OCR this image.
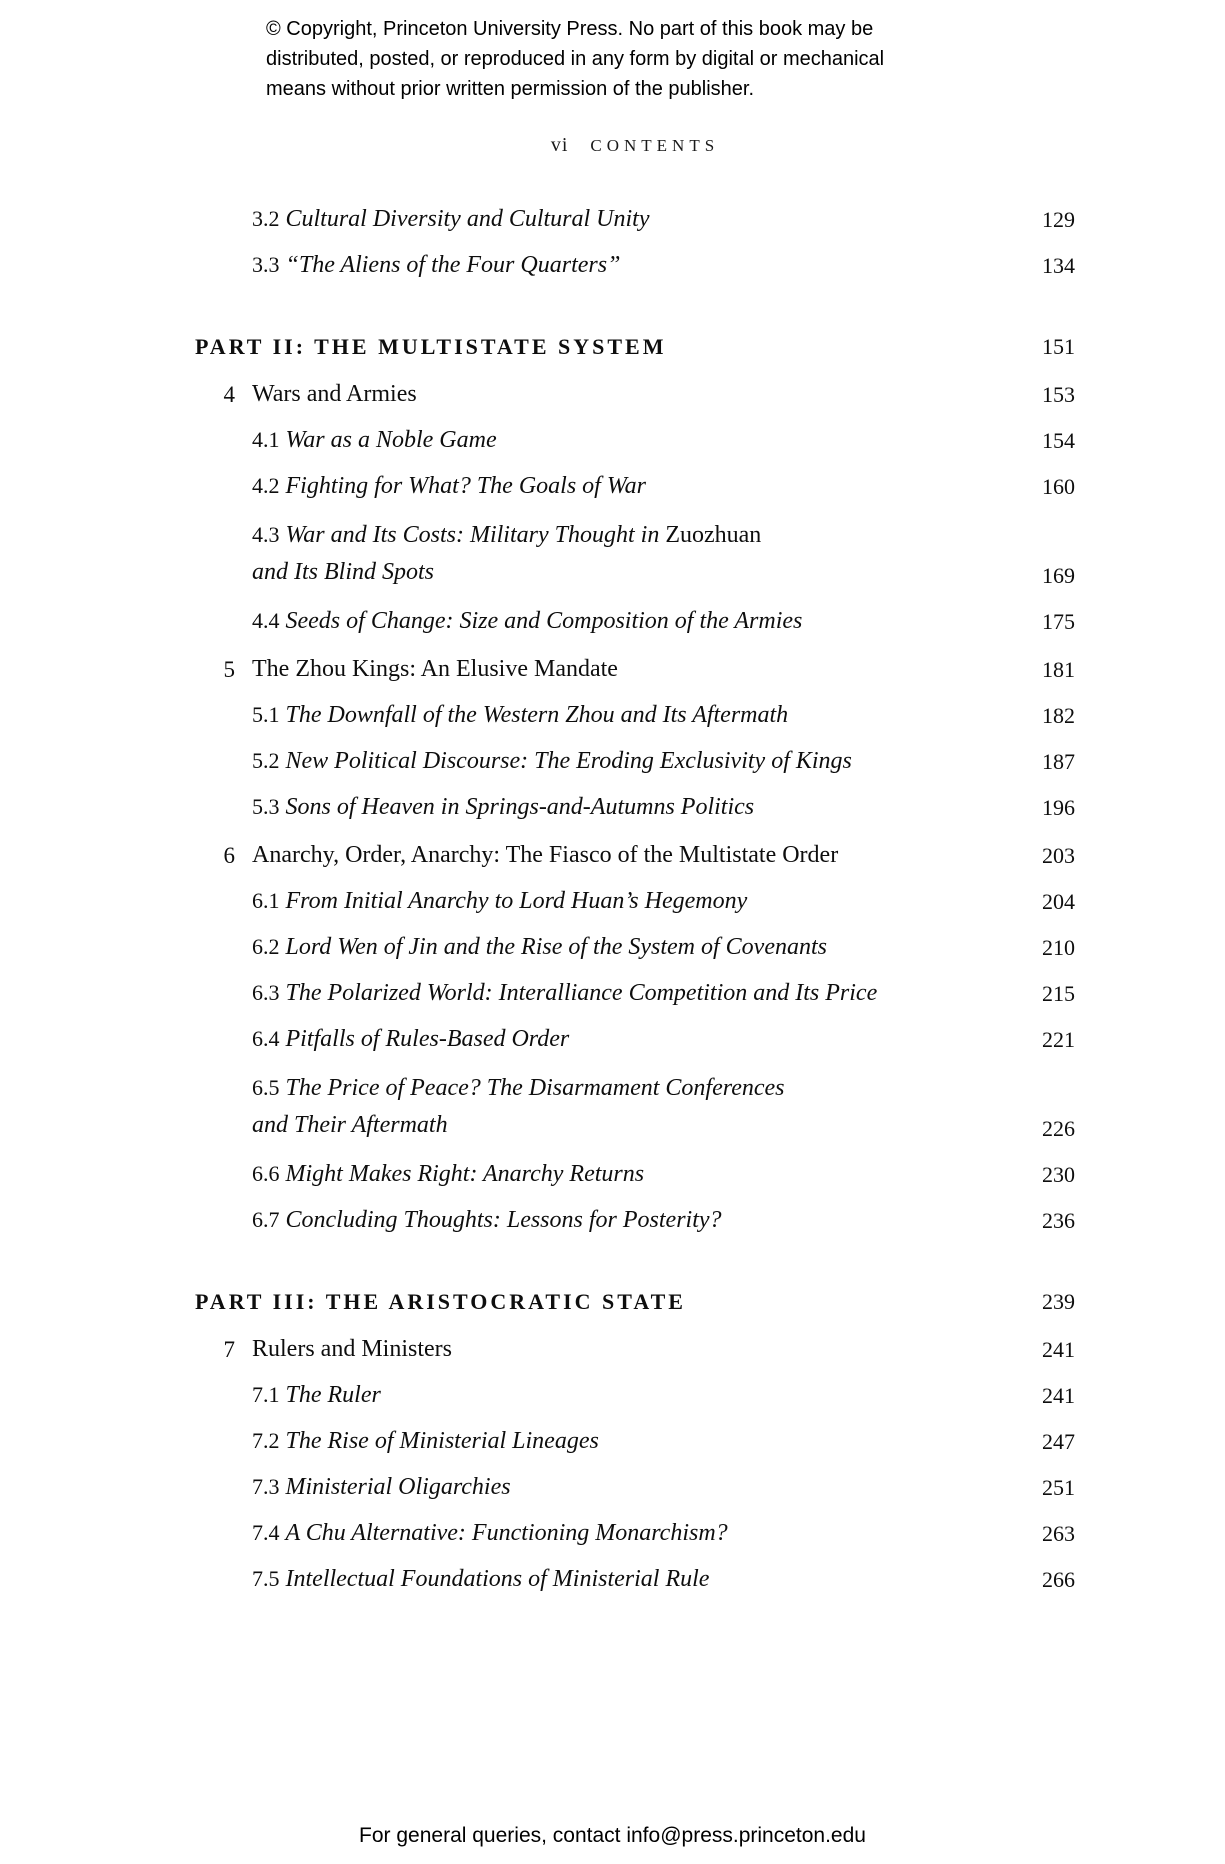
© Copyright, Princeton University Press. No part of this book may be
distributed, posted, or reproduced in any form by digital or mechanical
means without prior written permission of the publisher.
vi CONTENTS
3.2 Cultural Diversity and Cultural Unity	129
3.3 “The Aliens of the Four Quarters”	134
PART II: THE MULTISTATE SYSTEM	151
4 Wars and Armies	153
4.1 War as a Noble Game	154
4.2 Fighting for What? The Goals of War	160
4.3 War and Its Costs: Military Thought in Zuozhuan
and Its Blind Spots	169
4.4 Seeds of Change: Size and Composition of the Armies	175
5 The Zhou Kings: An Elusive Mandate	181
5.1 The Downfall of the Western Zhou and Its Aftermath	182
5.2 New Political Discourse: The Eroding Exclusivity of Kings	187
5.3 Sons of Heaven in Springs-and-Autumns Politics	196
6 Anarchy, Order, Anarchy: The Fiasco of the Multistate Order	203
6.1 From Initial Anarchy to Lord Huan’s Hegemony	204
6.2 Lord Wen of Jin and the Rise of the System of Covenants	210
6.3 The Polarized World: Interalliance Competition and Its Price	215
6.4 Pitfalls of Rules-Based Order	221
6.5 The Price of Peace? The Disarmament Conferences
and Their Aftermath	226
6.6 Might Makes Right: Anarchy Returns	230
6.7 Concluding Thoughts: Lessons for Posterity?	236
PART III: THE ARISTOCRATIC STATE	239
7 Rulers and Ministers	241
7.1 The Ruler	241
7.2 The Rise of Ministerial Lineages	247
7.3 Ministerial Oligarchies	251
7.4 A Chu Alternative: Functioning Monarchism?	263
7.5 Intellectual Foundations of Ministerial Rule	266
For general queries, contact info@press.princeton.edu
